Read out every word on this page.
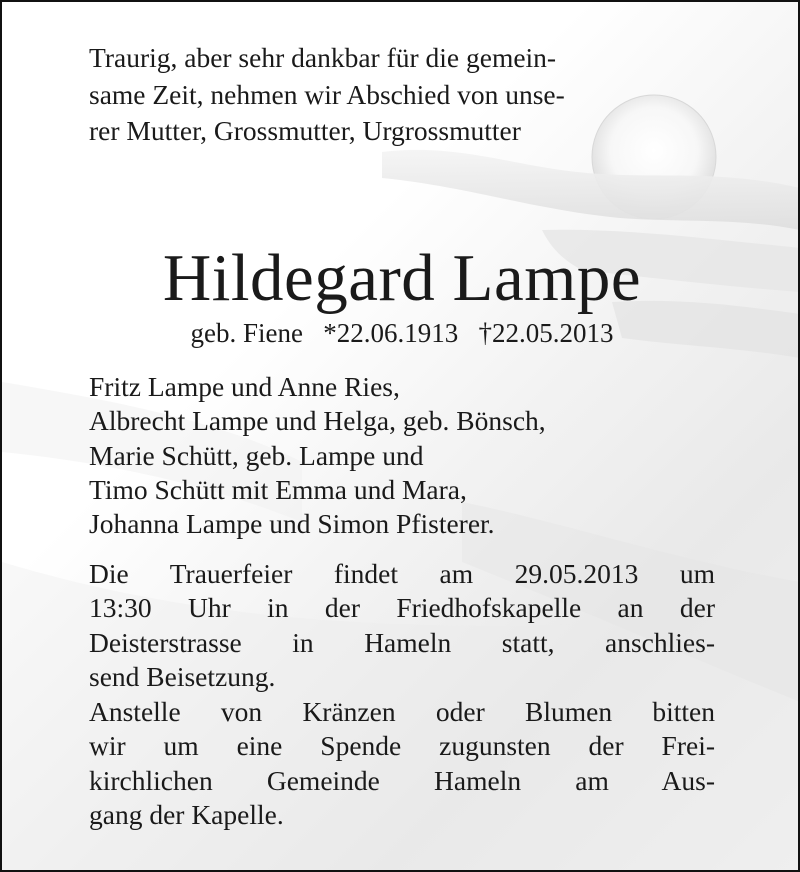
Traurig, aber sehr dankbar für die gemein-
same Zeit, nehmen wir Abschied von unse-
rer Mutter, Grossmutter, Urgrossmutter
Hildegard Lampe
geb. Fiene   *22.06.1913   †22.05.2013
Fritz Lampe und Anne Ries,
Albrecht Lampe und Helga, geb. Bönsch,
Marie Schütt, geb. Lampe und
Timo Schütt mit Emma und Mara,
Johanna Lampe und Simon Pfisterer.
Die Trauerfeier findet am 29.05.2013 um
13:30 Uhr in der Friedhofskapelle an der
Deisterstrasse in Hameln statt, anschlies-
send Beisetzung.
Anstelle von Kränzen oder Blumen bitten
wir um eine Spende zugunsten der Frei-
kirchlichen Gemeinde Hameln am Aus-
gang der Kapelle.
